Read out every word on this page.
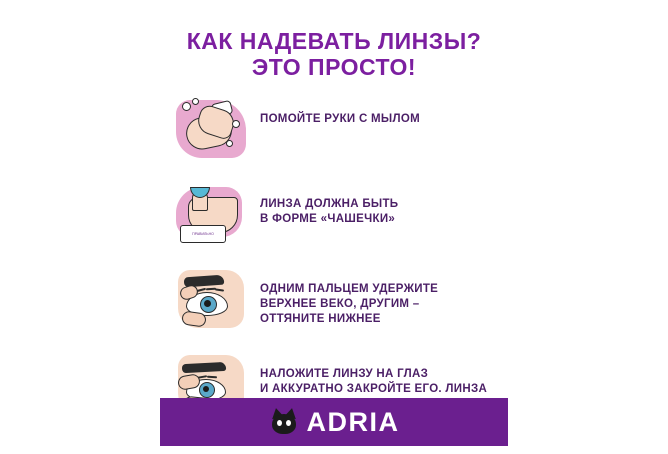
КАК НАДЕВАТЬ ЛИНЗЫ?
ЭТО ПРОСТО!
ПОМОЙТЕ РУКИ С МЫЛОМ
ПРАВИЛЬНО
ЛИНЗА ДОЛЖНА БЫТЬ
В ФОРМЕ «ЧАШЕЧКИ»
ОДНИМ ПАЛЬЦЕМ УДЕРЖИТЕ
ВЕРХНЕЕ ВЕКО, ДРУГИМ –
ОТТЯНИТЕ НИЖНЕЕ
НАЛОЖИТЕ ЛИНЗУ НА ГЛАЗ
И АККУРАТНО ЗАКРОЙТЕ ЕГО. ЛИНЗА
ADRIA
